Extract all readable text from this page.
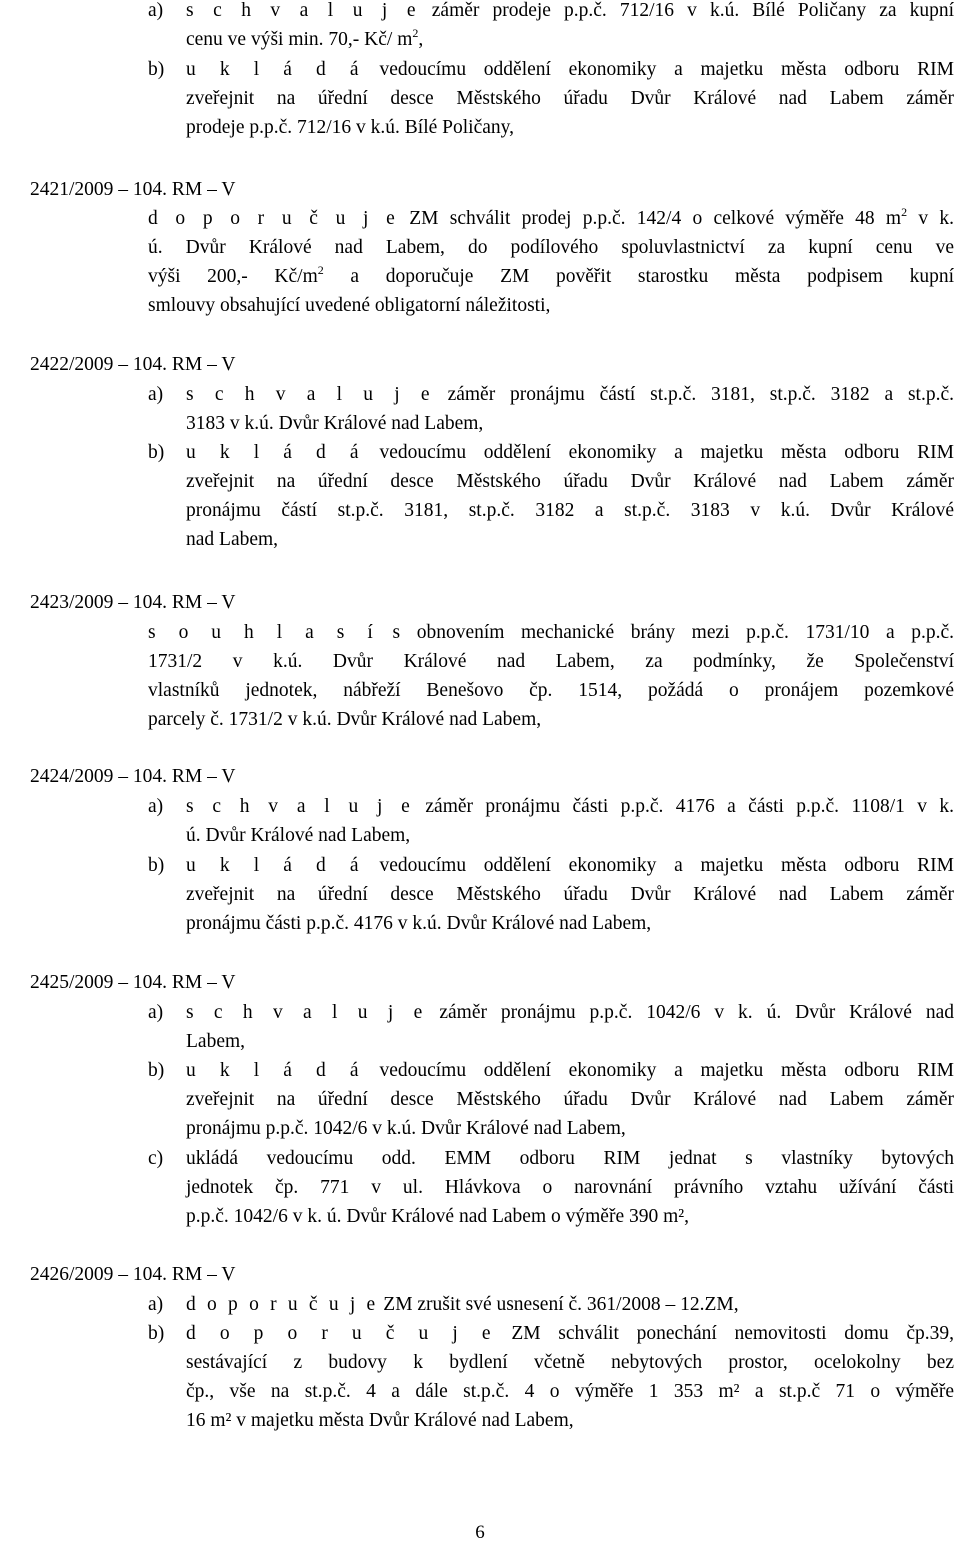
a) s c h v a l u j e záměr prodeje p.p.č. 712/16 v k.ú. Bílé Poličany za kupní
cenu ve výši min. 70,- Kč/ $m^2$,
b) u k l á d á vedoucímu oddělení ekonomiky a majetku města odboru RIM
zveřejnit na úřední desce Městského úřadu Dvůr Králové nad Labem záměr
prodeje p.p.č. 712/16 v k.ú. Bílé Poličany,
2421/2009 – 104. RM – V
d o p o r u č u j e ZM schválit prodej p.p.č. 142/4 o celkové výměře 48 $m^2$ v k.
ú. Dvůr Králové nad Labem, do podílového spoluvlastnictví za kupní cenu ve
výši 200,- $Kč/m^2$ a doporučuje ZM pověřit starostku města podpisem kupní
smlouvy obsahující uvedené obligatorní náležitosti,
2422/2009 – 104. RM – V
a) s c h v a l u j e záměr pronájmu částí st.p.č. 3181, st.p.č. 3182 a st.p.č.
3183 v k.ú. Dvůr Králové nad Labem,
b) u k l á d á vedoucímu oddělení ekonomiky a majetku města odboru RIM
zveřejnit na úřední desce Městského úřadu Dvůr Králové nad Labem záměr
pronájmu částí st.p.č. 3181, st.p.č. 3182 a st.p.č. 3183 v k.ú. Dvůr Králové
nad Labem,
2423/2009 – 104. RM – V
s o u h l a s í s obnovením mechanické brány mezi p.p.č. 1731/10 a p.p.č.
1731/2 v k.ú. Dvůr Králové nad Labem, za podmínky, že Společenství
vlastníků jednotek, nábřeží Benešovo čp. 1514, požádá o pronájem pozemkové
parcely č. 1731/2 v k.ú. Dvůr Králové nad Labem,
2424/2009 – 104. RM – V
a) s c h v a l u j e záměr pronájmu části p.p.č. 4176 a části p.p.č. 1108/1 v k.
ú. Dvůr Králové nad Labem,
b) u k l á d á vedoucímu oddělení ekonomiky a majetku města odboru RIM
zveřejnit na úřední desce Městského úřadu Dvůr Králové nad Labem záměr
pronájmu části p.p.č. 4176 v k.ú. Dvůr Králové nad Labem,
2425/2009 – 104. RM – V
a) s c h v a l u j e záměr pronájmu p.p.č. 1042/6 v k. ú. Dvůr Králové nad
Labem,
b) u k l á d á vedoucímu oddělení ekonomiky a majetku města odboru RIM
zveřejnit na úřední desce Městského úřadu Dvůr Králové nad Labem záměr
pronájmu p.p.č. 1042/6 v k.ú. Dvůr Králové nad Labem,
c) ukládá vedoucímu odd. EMM odboru RIM jednat s vlastníky bytových
jednotek čp. 771 v ul. Hlávkova o narovnání právního vztahu užívání části
p.p.č. 1042/6 v k. ú. Dvůr Králové nad Labem o výměře 390 m²,
2426/2009 – 104. RM – V
a) d o p o r u č u j e ZM zrušit své usnesení č. 361/2008 – 12.ZM,
b) d o p o r u č u j e ZM schválit ponechání nemovitosti domu čp.39,
sestávající z budovy k bydlení včetně nebytových prostor, ocelokolny bez
čp., vše na st.p.č. 4 a dále st.p.č. 4 o výměře 1 353 m² a st.p.č 71 o výměře
16 m² v majetku města Dvůr Králové nad Labem,
6
